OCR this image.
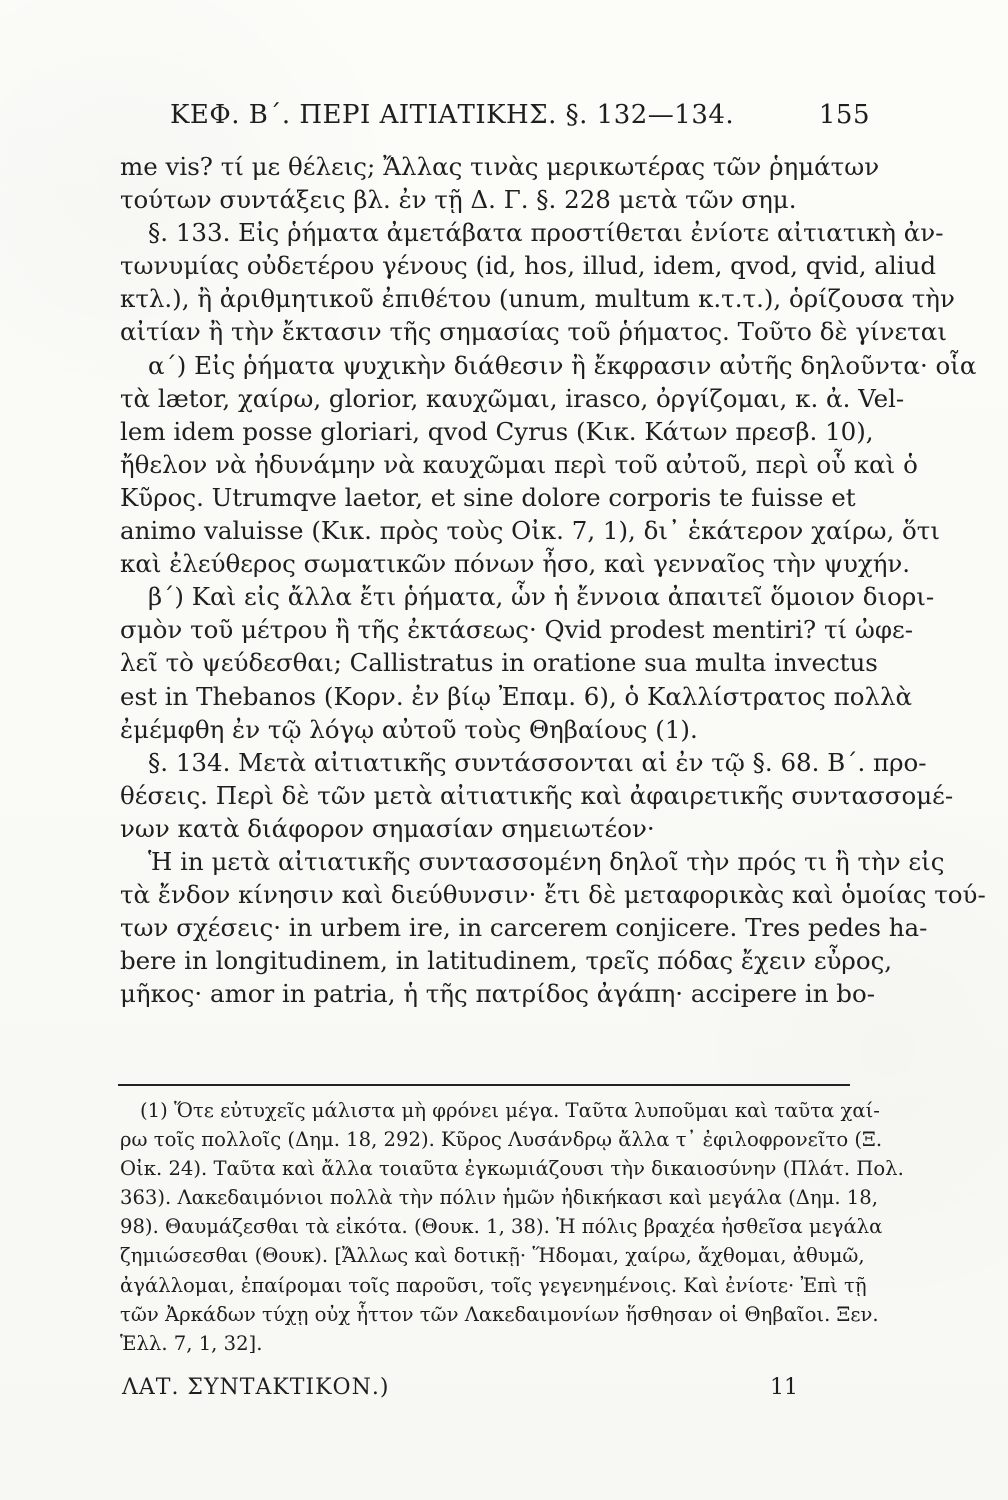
ΚΕΦ. Β΄. ΠΕΡΙ ΑΙΤΙΑΤΙΚΗΣ. §. 132—134.	155
me vis? τί με θέλεις; Ἄλλας τινὰς μερικωτέρας τῶν ῥημάτων
τούτων συντάξεις βλ. ἐν τῇ Δ. Γ. §. 228 μετὰ τῶν σημ.
§. 133. Εἰς ῥήματα ἀμετάβατα προστίθεται ἐνίοτε αἰτιατικὴ ἀν-
τωνυμίας οὐδετέρου γένους (id, hos, illud, idem, qvod, qvid, aliud
κτλ.), ἢ ἀριθμητικοῦ ἐπιθέτου (unum, multum κ.τ.τ.), ὁρίζουσα τὴν
αἰτίαν ἢ τὴν ἔκτασιν τῆς σημασίας τοῦ ῥήματος. Τοῦτο δὲ γίνεται
α΄) Εἰς ῥήματα ψυχικὴν διάθεσιν ἢ ἔκφρασιν αὐτῆς δηλοῦντα· οἷα
τὰ lætor, χαίρω, glorior, καυχῶμαι, irasco, ὀργίζομαι, κ. ἀ. Vel-
lem idem posse gloriari, qvod Cyrus (Κικ. Κάτων πρεσβ. 10),
ἤθελον νὰ ἠδυνάμην νὰ καυχῶμαι περὶ τοῦ αὐτοῦ, περὶ οὗ καὶ ὁ
Κῦρος. Utrumqve laetor, et sine dolore corporis te fuisse et
animo valuisse (Κικ. πρὸς τοὺς Οἰκ. 7, 1), δι᾽ ἑκάτερον χαίρω, ὅτι
καὶ ἐλεύθερος σωματικῶν πόνων ἦσο, καὶ γενναῖος τὴν ψυχήν.
β΄) Καὶ εἰς ἄλλα ἔτι ῥήματα, ὧν ἡ ἔννοια ἀπαιτεῖ ὅμοιον διορι-
σμὸν τοῦ μέτρου ἢ τῆς ἐκτάσεως· Qvid prodest mentiri? τί ὠφε-
λεῖ τὸ ψεύδεσθαι; Callistratus in oratione sua multa invectus
est in Thebanos (Κορν. ἐν βίῳ Ἐπαμ. 6), ὁ Καλλίστρατος πολλὰ
ἐμέμφθη ἐν τῷ λόγῳ αὐτοῦ τοὺς Θηβαίους (1).
§. 134. Μετὰ αἰτιατικῆς συντάσσονται αἱ ἐν τῷ §. 68. Β΄. προ-
θέσεις. Περὶ δὲ τῶν μετὰ αἰτιατικῆς καὶ ἀφαιρετικῆς συντασσομέ-
νων κατὰ διάφορον σημασίαν σημειωτέον·
Ἡ in μετὰ αἰτιατικῆς συντασσομένη δηλοῖ τὴν πρός τι ἢ τὴν εἰς
τὰ ἔνδον κίνησιν καὶ διεύθυνσιν· ἔτι δὲ μεταφορικὰς καὶ ὁμοίας τού-
των σχέσεις· in urbem ire, in carcerem conjicere. Tres pedes ha-
bere in longitudinem, in latitudinem, τρεῖς πόδας ἔχειν εὖρος,
μῆκος· amor in patria, ἡ τῆς πατρίδος ἀγάπη· accipere in bo-
(1) Ὅτε εὐτυχεῖς μάλιστα μὴ φρόνει μέγα. Ταῦτα λυποῦμαι καὶ ταῦτα χαί-
ρω τοῖς πολλοῖς (Δημ. 18, 292). Κῦρος Λυσάνδρῳ ἄλλα τ᾽ ἐφιλοφρονεῖτο (Ξ.
Οἰκ. 24). Ταῦτα καὶ ἄλλα τοιαῦτα ἐγκωμιάζουσι τὴν δικαιοσύνην (Πλάτ. Πολ.
363). Λακεδαιμόνιοι πολλὰ τὴν πόλιν ἡμῶν ἠδικήκασι καὶ μεγάλα (Δημ. 18,
98). Θαυμάζεσθαι τὰ εἰκότα. (Θουκ. 1, 38). Ἡ πόλις βραχέα ἠσθεῖσα μεγάλα
ζημιώσεσθαι (Θουκ). [Ἄλλως καὶ δοτικῇ· Ἥδομαι, χαίρω, ἄχθομαι, ἀθυμῶ,
ἀγάλλομαι, ἐπαίρομαι τοῖς παροῦσι, τοῖς γεγενημένοις. Καὶ ἐνίοτε· Ἐπὶ τῇ
τῶν Ἀρκάδων τύχῃ οὐχ ἧττον τῶν Λακεδαιμονίων ἥσθησαν οἱ Θηβαῖοι. Ξεν.
Ἑλλ. 7, 1, 32].
ΛΑΤ. ΣΥΝΤΑΚΤΙΚΟΝ.)	11
